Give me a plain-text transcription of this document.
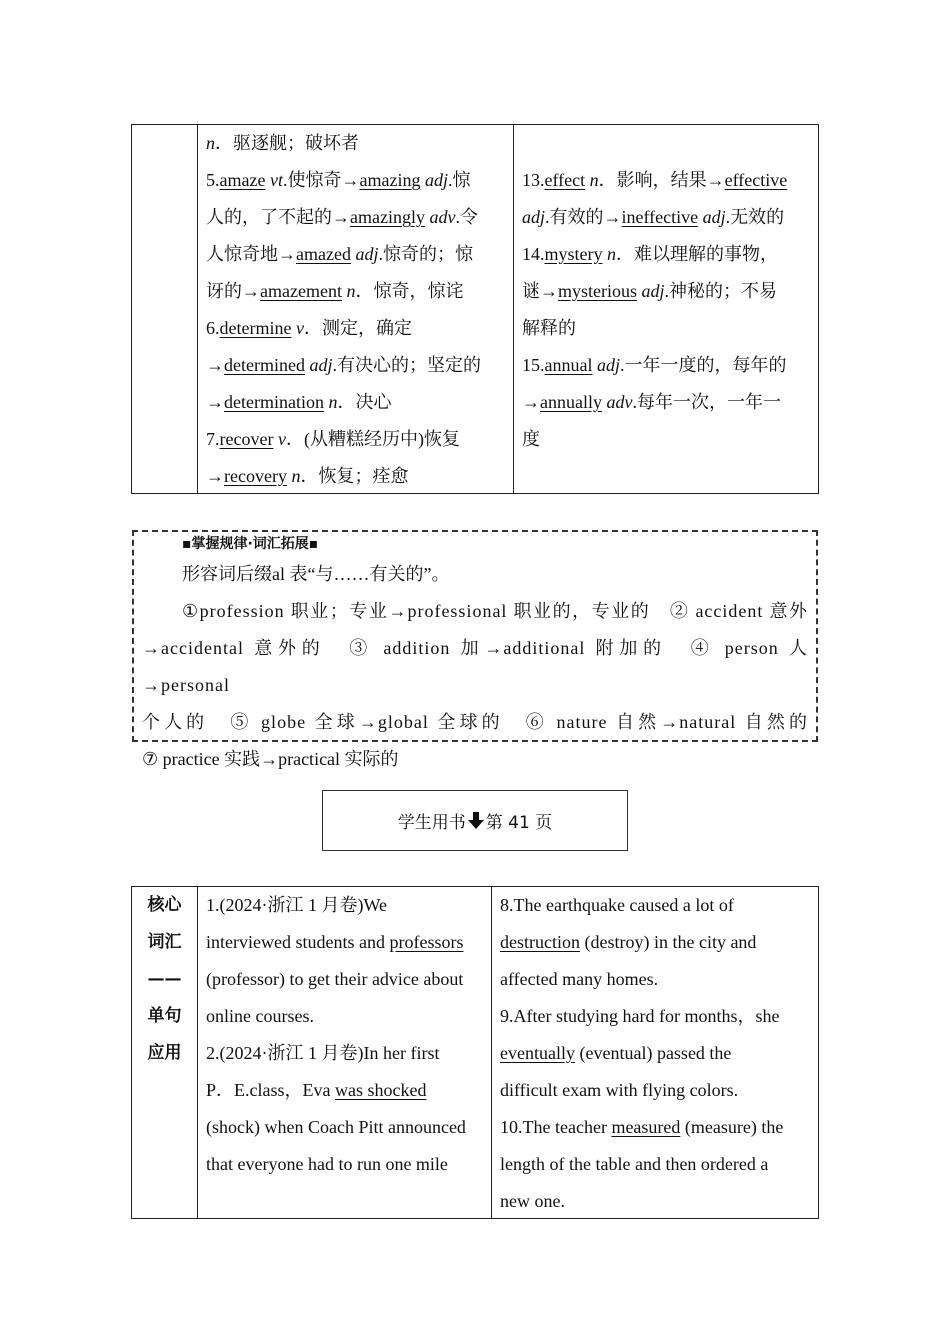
n．驱逐舰；破坏者

5.amaze vt.使惊奇→amazing adj.惊

人的，了不起的→amazingly adv.令

人惊奇地→amazed adj.惊奇的；惊

讶的→amazement n．惊奇，惊诧

6.determine v．测定，确定

→determined adj.有决心的；坚定的

→determination n．决心

7.recover v．(从糟糕经历中)恢复

→recovery n．恢复；痊愈

13.effect n．影响，结果→effective

adj.有效的→ineffective adj.无效的

14.mystery n．难以理解的事物，

谜→mysterious adj.神秘的；不易

解释的

15.annual adj.一年一度的，每年的

→annually adv.每年一次，一年一

度

▪掌握规律·词汇拓展▪

形容词后缀al 表“与……有关的”。

①profession 职业；专业→professional 职业的，专业的　② accident 意外

→accidental 意外的　③ addition 加→additional 附加的　④ person 人→personal

个人的　⑤ globe 全球→global 全球的　⑥ nature 自然→natural 自然的

⑦ practice 实践→practical 实际的

学生用书 第 41 页

核心

词汇

——

单句

应用

1.(2024·浙江 1 月卷)We

interviewed students and professors

(professor) to get their advice about

online courses.

2.(2024·浙江 1 月卷)In her first

P．E.class，Eva was shocked

(shock) when Coach Pitt announced

that everyone had to run one mile

8.The earthquake caused a lot of

destruction (destroy) in the city and

affected many homes.

9.After studying hard for months，she

eventually (eventual) passed the

difficult exam with flying colors.

10.The teacher measured (measure) the

length of the table and then ordered a

new one.
